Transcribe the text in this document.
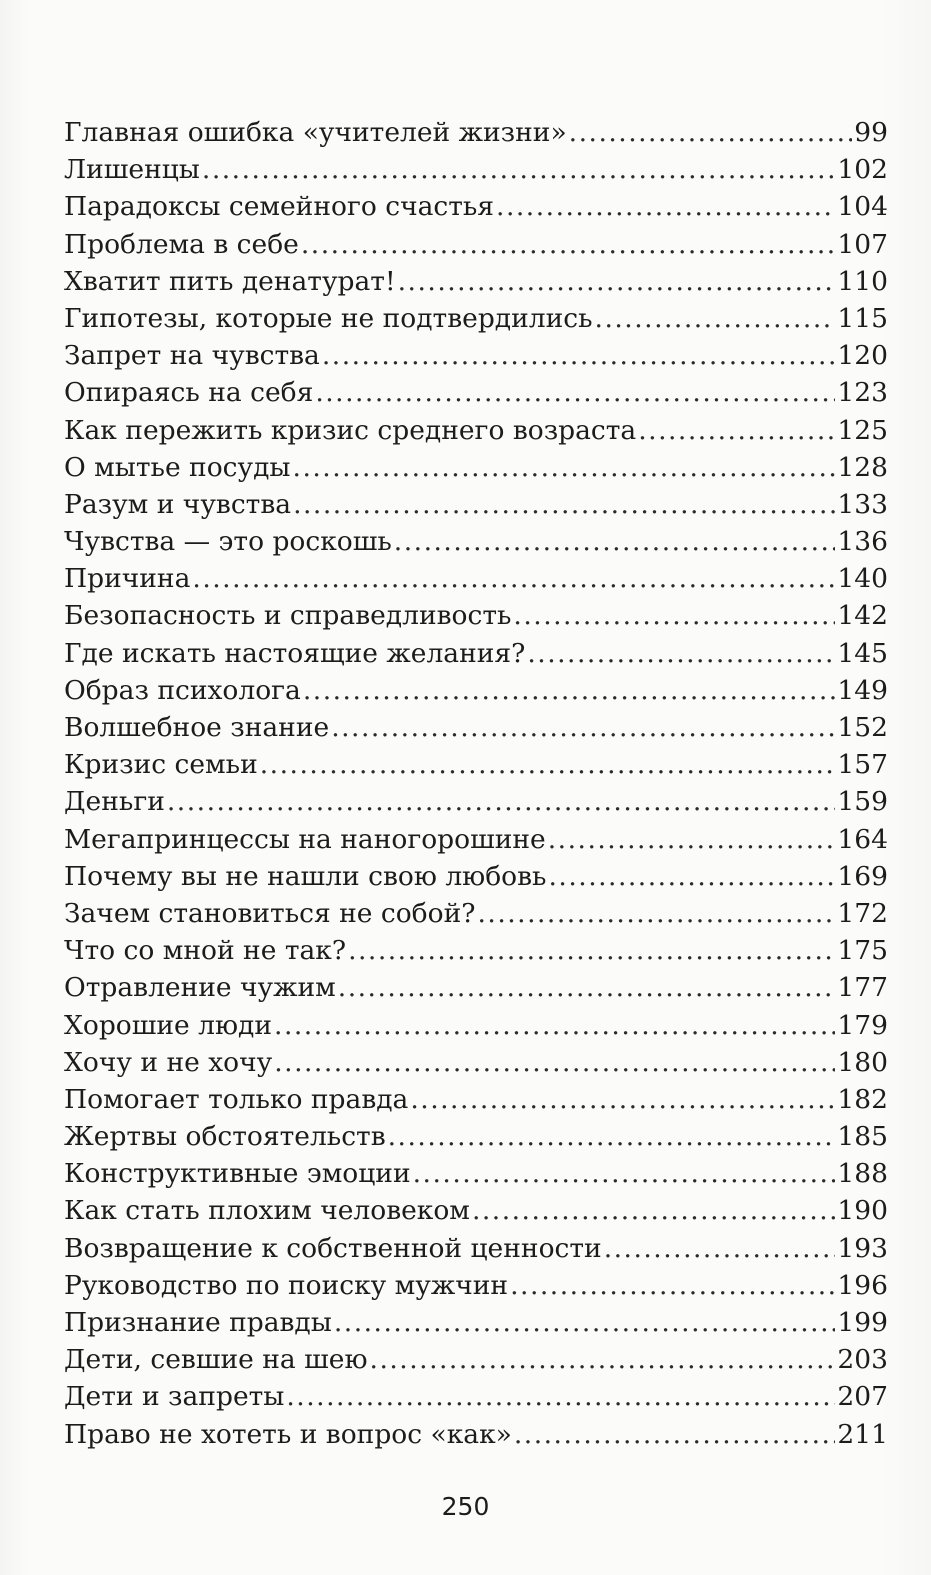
Главная ошибка «учителей жизни» .....	99
Лишенцы .....	102
Парадоксы семейного счастья .....	104
Проблема в себе .....	107
Хватит пить денатурат! .....	110
Гипотезы, которые не подтвердились .....	115
Запрет на чувства .....	120
Опираясь на себя .....	123
Как пережить кризис среднего возраста .....	125
О мытье посуды .....	128
Разум и чувства .....	133
Чувства — это роскошь .....	136
Причина .....	140
Безопасность и справедливость .....	142
Где искать настоящие желания? .....	145
Образ психолога .....	149
Волшебное знание .....	152
Кризис семьи .....	157
Деньги .....	159
Мегапринцессы на наногорошине .....	164
Почему вы не нашли свою любовь .....	169
Зачем становиться не собой? .....	172
Что со мной не так? .....	175
Отравление чужим .....	177
Хорошие люди .....	179
Хочу и не хочу .....	180
Помогает только правда .....	182
Жертвы обстоятельств .....	185
Конструктивные эмоции .....	188
Как стать плохим человеком .....	190
Возвращение к собственной ценности .....	193
Руководство по поиску мужчин .....	196
Признание правды .....	199
Дети, севшие на шею .....	203
Дети и запреты .....	207
Право не хотеть и вопрос «как» .....	211
250
